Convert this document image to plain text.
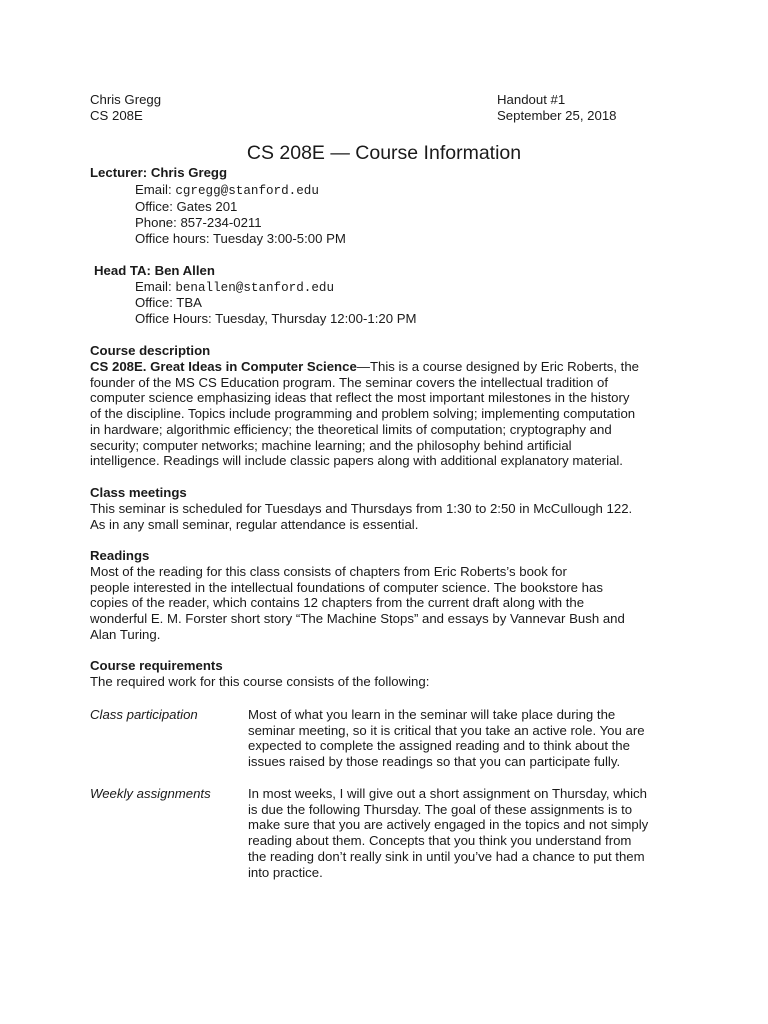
Chris Gregg
CS 208E
Handout #1
September 25, 2018
CS 208E — Course Information
Lecturer: Chris Gregg
Email: cgregg@stanford.edu
Office: Gates 201
Phone: 857-234-0211
Office hours: Tuesday 3:00-5:00 PM
Head TA: Ben Allen
Email: benallen@stanford.edu
Office: TBA
Office Hours: Tuesday, Thursday 12:00-1:20 PM
Course description
CS 208E. Great Ideas in Computer Science—This is a course designed by Eric Roberts, the
founder of the MS CS Education program. The seminar covers the intellectual tradition of
computer science emphasizing ideas that reflect the most important milestones in the history
of the discipline. Topics include programming and problem solving; implementing computation
in hardware; algorithmic efficiency; the theoretical limits of computation; cryptography and
security; computer networks; machine learning; and the philosophy behind artificial
intelligence. Readings will include classic papers along with additional explanatory material.
Class meetings
This seminar is scheduled for Tuesdays and Thursdays from 1:30 to 2:50 in McCullough 122.
As in any small seminar, regular attendance is essential.
Readings
Most of the reading for this class consists of chapters from Eric Roberts’s book for
people interested in the intellectual foundations of computer science. The bookstore has
copies of the reader, which contains 12 chapters from the current draft along with the
wonderful E. M. Forster short story “The Machine Stops” and essays by Vannevar Bush and
Alan Turing.
Course requirements
The required work for this course consists of the following:
Class participation	Most of what you learn in the seminar will take place during the
seminar meeting, so it is critical that you take an active role. You are
expected to complete the assigned reading and to think about the
issues raised by those readings so that you can participate fully.
Weekly assignments	In most weeks, I will give out a short assignment on Thursday, which
is due the following Thursday. The goal of these assignments is to
make sure that you are actively engaged in the topics and not simply
reading about them. Concepts that you think you understand from
the reading don’t really sink in until you’ve had a chance to put them
into practice.
